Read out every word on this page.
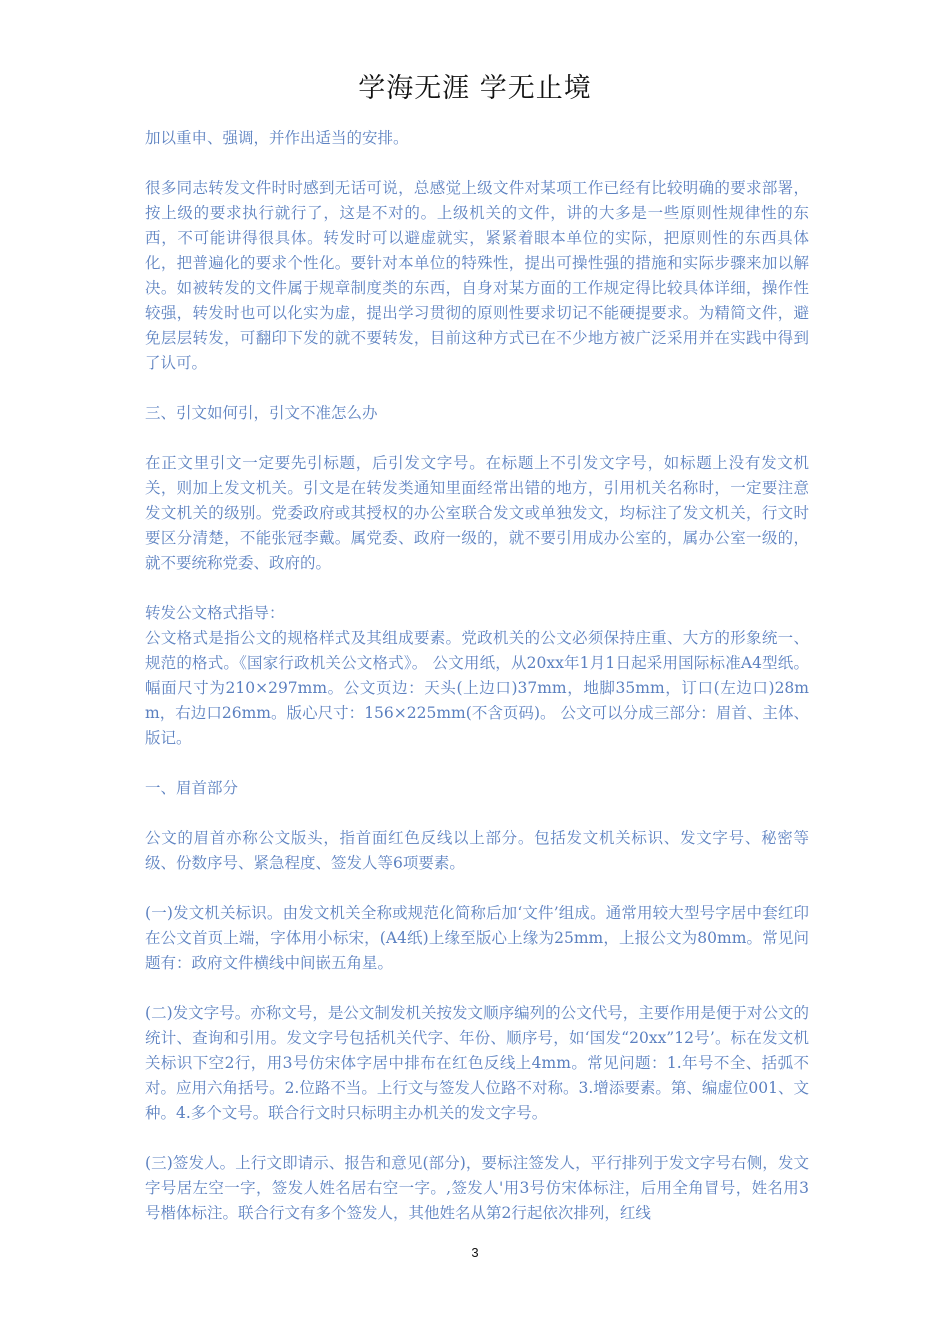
学海无涯 学无止境

加以重申、强调，并作出适当的安排。

很多同志转发文件时时感到无话可说，总感觉上级文件对某项工作已经有比较明确的要求部署，按上级的要求执行就行了，这是不对的。上级机关的文件，讲的大多是一些原则性规律性的东西，不可能讲得很具体。转发时可以避虚就实，紧紧着眼本单位的实际，把原则性的东西具体化，把普遍化的要求个性化。要针对本单位的特殊性，提出可操性强的措施和实际步骤来加以解决。如被转发的文件属于规章制度类的东西，自身对某方面的工作规定得比较具体详细，操作性较强，转发时也可以化实为虚，提出学习贯彻的原则性要求切记不能硬提要求。为精简文件，避免层层转发，可翻印下发的就不要转发，目前这种方式已在不少地方被广泛采用并在实践中得到了认可。

三、引文如何引，引文不准怎么办

在正文里引文一定要先引标题，后引发文字号。在标题上不引发文字号，如标题上没有发文机关，则加上发文机关。引文是在转发类通知里面经常出错的地方，引用机关名称时，一定要注意发文机关的级别。党委政府或其授权的办公室联合发文或单独发文，均标注了发文机关，行文时要区分清楚，不能张冠李戴。属党委、政府一级的，就不要引用成办公室的，属办公室一级的，就不要统称党委、政府的。

转发公文格式指导：

公文格式是指公文的规格样式及其组成要素。党政机关的公文必须保持庄重、大方的形象统一、规范的格式。《国家行政机关公文格式》。 公文用纸，从20xx年1月1日起采用国际标准A4型纸。幅面尺寸为210×297mm。公文页边：天头(上边口)37mm，地脚35mm，订口(左边口)28mm，右边口26mm。版心尺寸：156×225mm(不含页码)。 公文可以分成三部分：眉首、主体、版记。

一、眉首部分

公文的眉首亦称公文版头，指首面红色反线以上部分。包括发文机关标识、发文字号、秘密等级、份数序号、紧急程度、签发人等6项要素。

(一)发文机关标识。由发文机关全称或规范化简称后加‘文件’组成。通常用较大型号字居中套红印在公文首页上端，字体用小标宋，(A4纸)上缘至版心上缘为25mm，上报公文为80mm。常见问题有：政府文件横线中间嵌五角星。

(二)发文字号。亦称文号，是公文制发机关按发文顺序编列的公文代号，主要作用是便于对公文的统计、查询和引用。发文字号包括机关代字、年份、顺序号，如‘国发“20xx”12号’。标在发文机关标识下空2行，用3号仿宋体字居中排布在红色反线上4mm。常见问题：1.年号不全、括弧不对。应用六角括号。2.位路不当。上行文与签发人位路不对称。3.增添要素。第、编虚位001、文种。4.多个文号。联合行文时只标明主办机关的发文字号。

(三)签发人。上行文即请示、报告和意见(部分)，要标注签发人，平行排列于发文字号右侧，发文字号居左空一字，签发人姓名居右空一字。,签发人'用3号仿宋体标注，后用全角冒号，姓名用3号楷体标注。联合行文有多个签发人，其他姓名从第2行起依次排列，红线

3
